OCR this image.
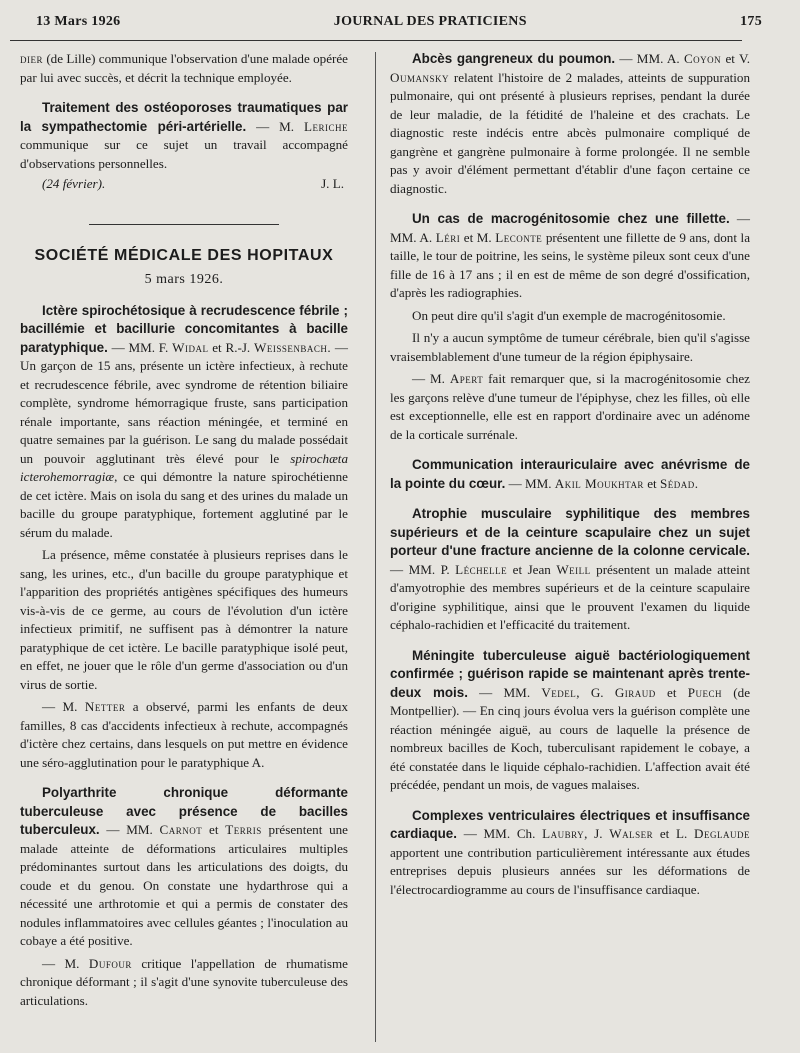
13 Mars 1926	JOURNAL DES PRATICIENS	175

dier (de Lille) communique l'observation d'une malade opérée par lui avec succès, et décrit la technique employée.

Traitement des ostéoporoses traumatiques par la sympathectomie péri-artérielle. — M. Leriche communique sur ce sujet un travail accompagné d'observations personnelles.

(24 février).	J. L.
SOCIÉTÉ MÉDICALE DES HOPITAUX
5 mars 1926.

Ictère spirochétosique à recrudescence fébrile ; bacillémie et bacillurie concomitantes à bacille paratyphique. — MM. F. Widal et R.-J. Weissenbach. — Un garçon de 15 ans, présente un ictère infectieux, à rechute et recrudescence fébrile, avec syndrome de rétention biliaire complète, syndrome hémorragique fruste, sans participation rénale importante, sans réaction méningée, et terminé en quatre semaines par la guérison. Le sang du malade possédait un pouvoir agglutinant très élevé pour le spirochæta icterohemorragiæ, ce qui démontre la nature spirochétienne de cet ictère. Mais on isola du sang et des urines du malade un bacille du groupe paratyphique, fortement agglutiné par le sérum du malade.

La présence, même constatée à plusieurs reprises dans le sang, les urines, etc., d'un bacille du groupe paratyphique et l'apparition des propriétés antigènes spécifiques des humeurs vis-à-vis de ce germe, au cours de l'évolution d'un ictère infectieux primitif, ne suffisent pas à démontrer la nature paratyphique de cet ictère. Le bacille paratyphique isolé peut, en effet, ne jouer que le rôle d'un germe d'association ou d'un virus de sortie.

— M. Netter a observé, parmi les enfants de deux familles, 8 cas d'accidents infectieux à rechute, accompagnés d'ictère chez certains, dans lesquels on put mettre en évidence une séro-agglutination pour le paratyphique A.

Polyarthrite chronique déformante tuberculeuse avec présence de bacilles tuberculeux. — MM. Carnot et Terris présentent une malade atteinte de déformations articulaires multiples prédominantes surtout dans les articulations des doigts, du coude et du genou. On constate une hydarthrose qui a nécessité une arthrotomie et qui a permis de constater des nodules inflammatoires avec cellules géantes ; l'inoculation au cobaye a été positive.

— M. Dufour critique l'appellation de rhumatisme chronique déformant ; il s'agit d'une synovite tuberculeuse des articulations.

Abcès gangreneux du poumon. — MM. A. Coyon et V. Oumansky relatent l'histoire de 2 malades, atteints de suppuration pulmonaire, qui ont présenté à plusieurs reprises, pendant la durée de leur maladie, de la fétidité de l'haleine et des crachats. Le diagnostic reste indécis entre abcès pulmonaire compliqué de gangrène et gangrène pulmonaire à forme prolongée. Il ne semble pas y avoir d'élément permettant d'établir d'une façon certaine ce diagnostic.

Un cas de macrogénitosomie chez une fillette. — MM. A. Léri et M. Leconte présentent une fillette de 9 ans, dont la taille, le tour de poitrine, les seins, le système pileux sont ceux d'une fille de 16 à 17 ans ; il en est de même de son degré d'ossification, d'après les radiographies.

On peut dire qu'il s'agit d'un exemple de macrogénitosomie.

Il n'y a aucun symptôme de tumeur cérébrale, bien qu'il s'agisse vraisemblablement d'une tumeur de la région épiphysaire.

— M. Apert fait remarquer que, si la macrogénitosomie chez les garçons relève d'une tumeur de l'épiphyse, chez les filles, où elle est exceptionnelle, elle est en rapport d'ordinaire avec un adénome de la corticale surrénale.

Communication interauriculaire avec anévrisme de la pointe du cœur. — MM. Akil Moukhtar et Sédad.

Atrophie musculaire syphilitique des membres supérieurs et de la ceinture scapulaire chez un sujet porteur d'une fracture ancienne de la colonne cervicale. — MM. P. Léchelle et Jean Weill présentent un malade atteint d'amyotrophie des membres supérieurs et de la ceinture scapulaire d'origine syphilitique, ainsi que le prouvent l'examen du liquide céphalo-rachidien et l'efficacité du traitement.

Méningite tuberculeuse aiguë bactériologiquement confirmée ; guérison rapide se maintenant après trente-deux mois. — MM. Vedel, G. Giraud et Puech (de Montpellier). — En cinq jours évolua vers la guérison complète une réaction méningée aiguë, au cours de laquelle la présence de nombreux bacilles de Koch, tuberculisant rapidement le cobaye, a été constatée dans le liquide céphalo-rachidien. L'affection avait été précédée, pendant un mois, de vagues malaises.

Complexes ventriculaires électriques et insuffisance cardiaque. — MM. Ch. Laubry, J. Walser et L. Deglaude apportent une contribution particulièrement intéressante aux études entreprises depuis plusieurs années sur les déformations de l'électrocardiogramme au cours de l'insuffisance cardiaque.
